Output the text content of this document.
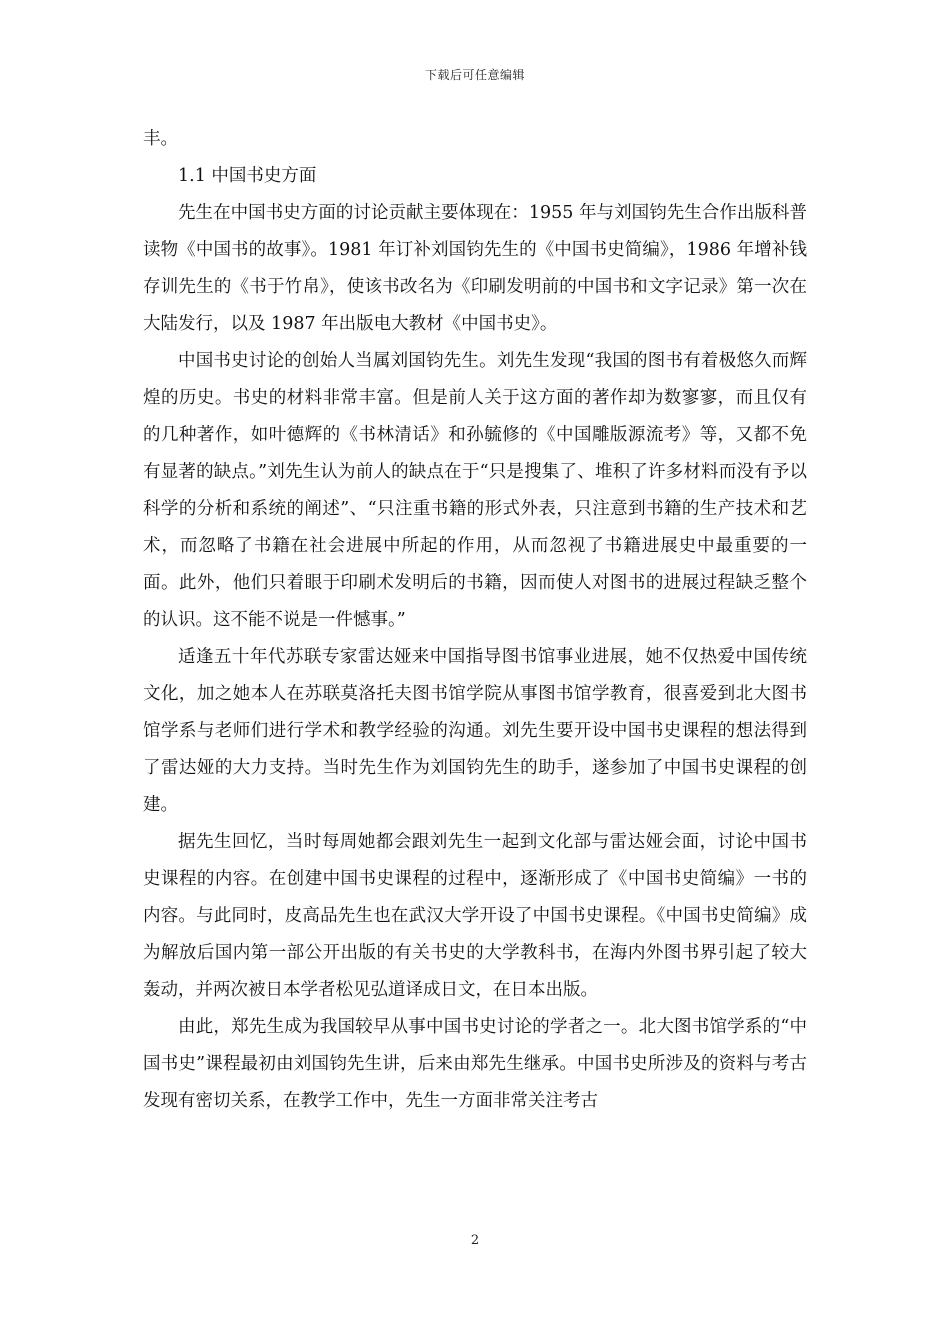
下载后可任意编辑

丰。

1.1 中国书史方面

先生在中国书史方面的讨论贡献主要体现在：1955 年与刘国钧先生合作出版科普读物《中国书的故事》。1981 年订补刘国钧先生的《中国书史简编》，1986 年增补钱存训先生的《书于竹帛》，使该书改名为《印刷发明前的中国书和文字记录》第一次在大陆发行，以及 1987 年出版电大教材《中国书史》。

中国书史讨论的创始人当属刘国钧先生。刘先生发现“我国的图书有着极悠久而辉煌的历史。书史的材料非常丰富。但是前人关于这方面的著作却为数寥寥，而且仅有的几种著作，如叶德辉的《书林清话》和孙毓修的《中国雕版源流考》等，又都不免有显著的缺点。”刘先生认为前人的缺点在于“只是搜集了、堆积了许多材料而没有予以科学的分析和系统的阐述”、“只注重书籍的形式外表，只注意到书籍的生产技术和艺术，而忽略了书籍在社会进展中所起的作用，从而忽视了书籍进展史中最重要的一面。此外，他们只着眼于印刷术发明后的书籍，因而使人对图书的进展过程缺乏整个的认识。这不能不说是一件憾事。”

适逢五十年代苏联专家雷达娅来中国指导图书馆事业进展，她不仅热爱中国传统文化，加之她本人在苏联莫洛托夫图书馆学院从事图书馆学教育，很喜爱到北大图书馆学系与老师们进行学术和教学经验的沟通。刘先生要开设中国书史课程的想法得到了雷达娅的大力支持。当时先生作为刘国钧先生的助手，遂参加了中国书史课程的创建。

据先生回忆，当时每周她都会跟刘先生一起到文化部与雷达娅会面，讨论中国书史课程的内容。在创建中国书史课程的过程中，逐渐形成了《中国书史简编》一书的内容。与此同时，皮高品先生也在武汉大学开设了中国书史课程。《中国书史简编》成为解放后国内第一部公开出版的有关书史的大学教科书，在海内外图书界引起了较大轰动，并两次被日本学者松见弘道译成日文，在日本出版。

由此，郑先生成为我国较早从事中国书史讨论的学者之一。北大图书馆学系的“中国书史”课程最初由刘国钧先生讲，后来由郑先生继承。中国书史所涉及的资料与考古发现有密切关系，在教学工作中，先生一方面非常关注考古

2
